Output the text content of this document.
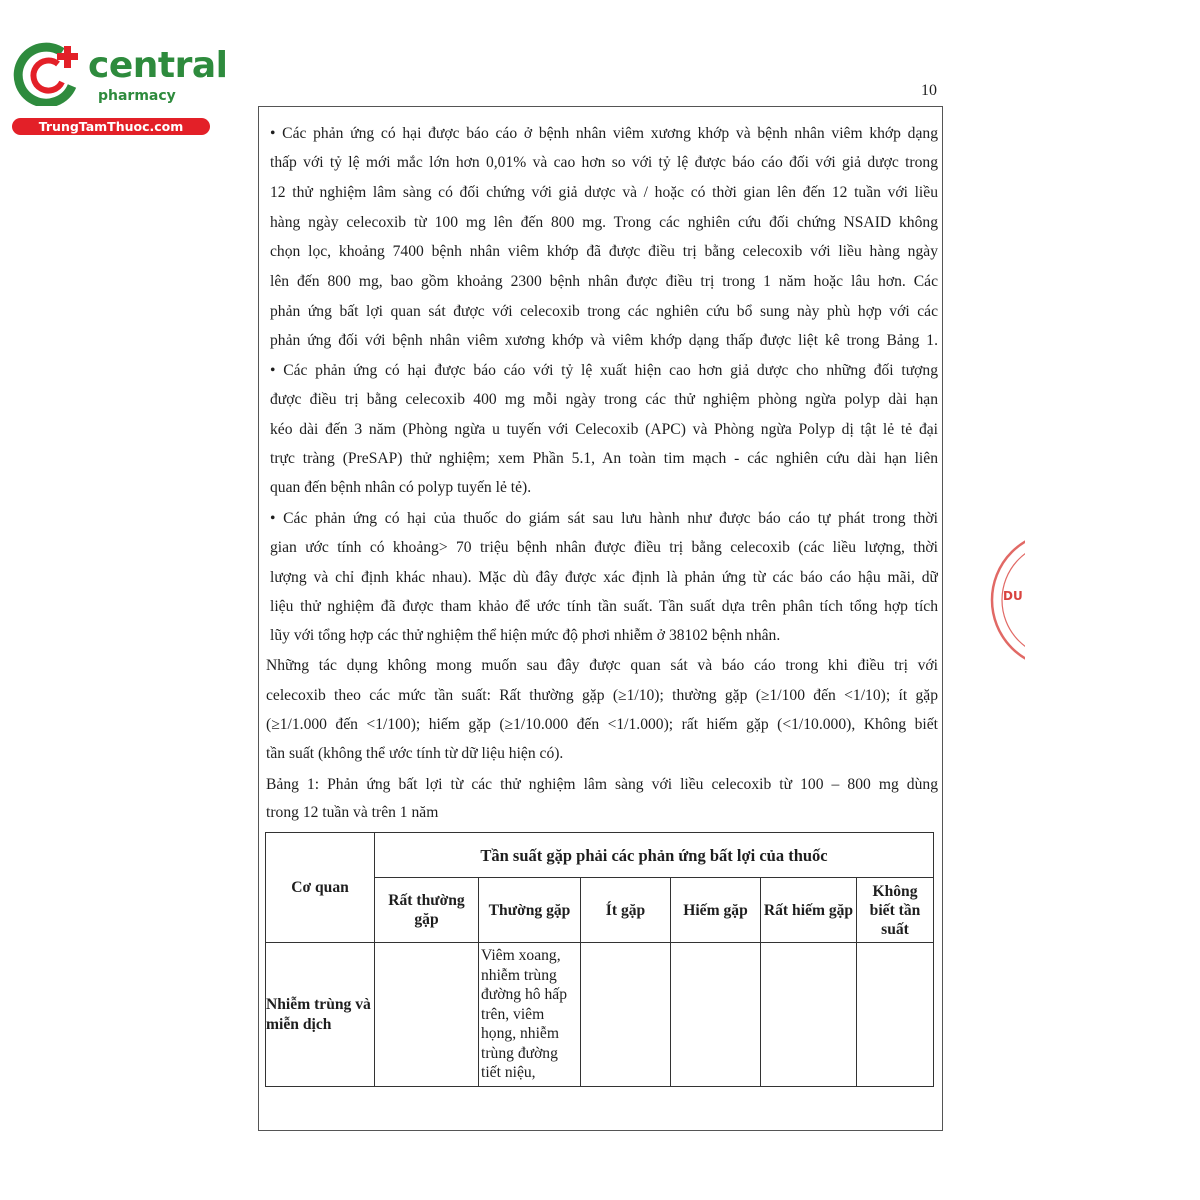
central
pharmacy
TrungTamThuoc.com
10
• Các phản ứng có hại được báo cáo ở bệnh nhân viêm xương khớp và bệnh nhân viêm khớp dạng
thấp với tỷ lệ mới mắc lớn hơn 0,01% và cao hơn so với tỷ lệ được báo cáo đối với giả dược trong
12 thử nghiệm lâm sàng có đối chứng với giả dược và / hoặc có thời gian lên đến 12 tuần với liều
hàng ngày celecoxib từ 100 mg lên đến 800 mg. Trong các nghiên cứu đối chứng NSAID không
chọn lọc, khoảng 7400 bệnh nhân viêm khớp đã được điều trị bằng celecoxib với liều hàng ngày
lên đến 800 mg, bao gồm khoảng 2300 bệnh nhân được điều trị trong 1 năm hoặc lâu hơn. Các
phản ứng bất lợi quan sát được với celecoxib trong các nghiên cứu bổ sung này phù hợp với các
phản ứng đối với bệnh nhân viêm xương khớp và viêm khớp dạng thấp được liệt kê trong Bảng 1.
• Các phản ứng có hại được báo cáo với tỷ lệ xuất hiện cao hơn giả dược cho những đối tượng
được điều trị bằng celecoxib 400 mg mỗi ngày trong các thử nghiệm phòng ngừa polyp dài hạn
kéo dài đến 3 năm (Phòng ngừa u tuyến với Celecoxib (APC) và Phòng ngừa Polyp dị tật lẻ tẻ đại
trực tràng (PreSAP) thử nghiệm; xem Phần 5.1, An toàn tim mạch - các nghiên cứu dài hạn liên
quan đến bệnh nhân có polyp tuyến lẻ tẻ).
• Các phản ứng có hại của thuốc do giám sát sau lưu hành như được báo cáo tự phát trong thời
gian ước tính có khoảng> 70 triệu bệnh nhân được điều trị bằng celecoxib (các liều lượng, thời
lượng và chỉ định khác nhau). Mặc dù đây được xác định là phản ứng từ các báo cáo hậu mãi, dữ
liệu thử nghiệm đã được tham khảo để ước tính tần suất. Tần suất dựa trên phân tích tổng hợp tích
lũy với tổng hợp các thử nghiệm thể hiện mức độ phơi nhiễm ở 38102 bệnh nhân.
Những tác dụng không mong muốn sau đây được quan sát và báo cáo trong khi điều trị với
celecoxib theo các mức tần suất: Rất thường gặp (≥1/10); thường gặp (≥1/100 đến <1/10); ít gặp
(≥1/1.000 đến <1/100); hiếm gặp (≥1/10.000 đến <1/1.000); rất hiếm gặp (<1/10.000), Không biết
tần suất (không thể ước tính từ dữ liệu hiện có).
Bảng 1: Phản ứng bất lợi từ các thử nghiệm lâm sàng với liều celecoxib từ 100 – 800 mg dùng
trong 12 tuần và trên 1 năm
Cơ quan	Tần suất gặp phải các phản ứng bất lợi của thuốc					
	Rất thường gặp	Thường gặp	Ít gặp	Hiếm gặp	Rất hiếm gặp	Không biết tần suất
Nhiễm trùng và miễn dịch		Viêm xoang, nhiễm trùng đường hô hấp trên, viêm họng, nhiễm trùng đường tiết niệu,				
DU
